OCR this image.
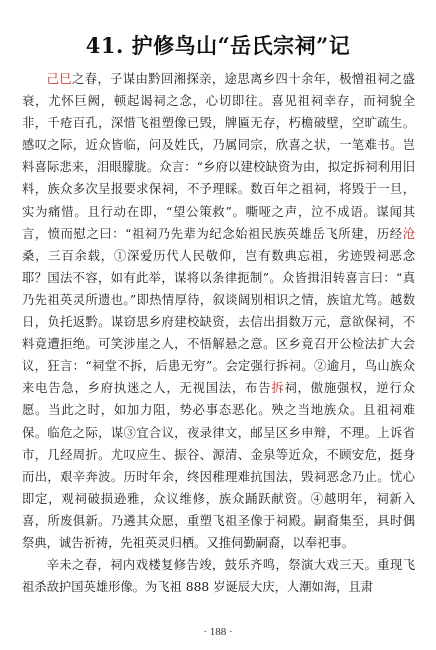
41. 护修鸟山“岳氏宗祠”记

己巳之春，子谋由黔回湘探亲，途思离乡四十余年，极憎祖祠之盛衰，尤怀巨阙，顿起谒祠之念，心切即往。喜见祖祠幸存，而祠貌全非，千疮百孔，深惜飞祖塑像已毁，牌匾无存，朽檐破壁，空旷疏生。感叹之际，近众皆临，问及姓氏，乃属同宗，欣喜之状，一笔难书。岂料喜际悲来，泪眼朦胧。众言：“乡府以建校缺资为由，拟定拆祠利用旧料，族众多次呈报要求保祠，不予理睬。数百年之祖祠，将毁于一旦，实为痛惜。且行动在即，“望公策救”。嘶哑之声，泣不成语。谋闻其言，愤而慰之曰：“祖祠乃先辈为纪念始祖民族英雄岳飞所建，历经沧桑，三百余载，①深爱历代人民敬仰，岂有数典忘祖，劣迹毁祠恶念耶？国法不容，如有此举，谋将以条律扼制”。众皆揖泪转喜言曰：“真乃先祖英灵所遗也。”即热情厚待，叙谈阔别相识之情，族谊尤笃。越数日，负托返黔。谋窃思乡府建校缺资，去信出捐数万元，意欲保祠，不料竟遭拒绝。可笑涉崖之人，不悟解悬之意。区乡竟召开公检法扩大会议，狂言：“祠堂不拆，后患无穷”。会定强行拆祠。②逾月，鸟山族众来电告急，乡府执迷之人，无视国法，布告拆祠，傲施强权，逆行众愿。当此之时，如加力阻，势必事态恶化。殃之当地族众。且祖祠难保。临危之际，谋③宜合议，夜录律文，邮呈区乡申辩，不理。上诉省市，几经周折。尤叹应生、振谷、源清、金泉等近众，不顾安危，挺身而出，艰辛奔波。历时年余，终因稚理难抗国法，毁祠恶念乃止。忧心即定，观祠破损逊雅，众议维修，族众踊跃献资。④越明年，祠新入喜，所废俱新。乃遴其众愿，重塑飞祖圣像于祠殿。嗣裔集至，具时偶祭典，诚告祈祷，先祖英灵归栖。又推伺勤嗣裔，以奉祀事。

辛未之春，祠内戏楼复修告竣，鼓乐齐鸣，祭演大戏三天。重现飞祖杀敌护国英雄形像。为飞祖 888 岁诞辰大庆，人潮如海，且肃

· 188 ·
